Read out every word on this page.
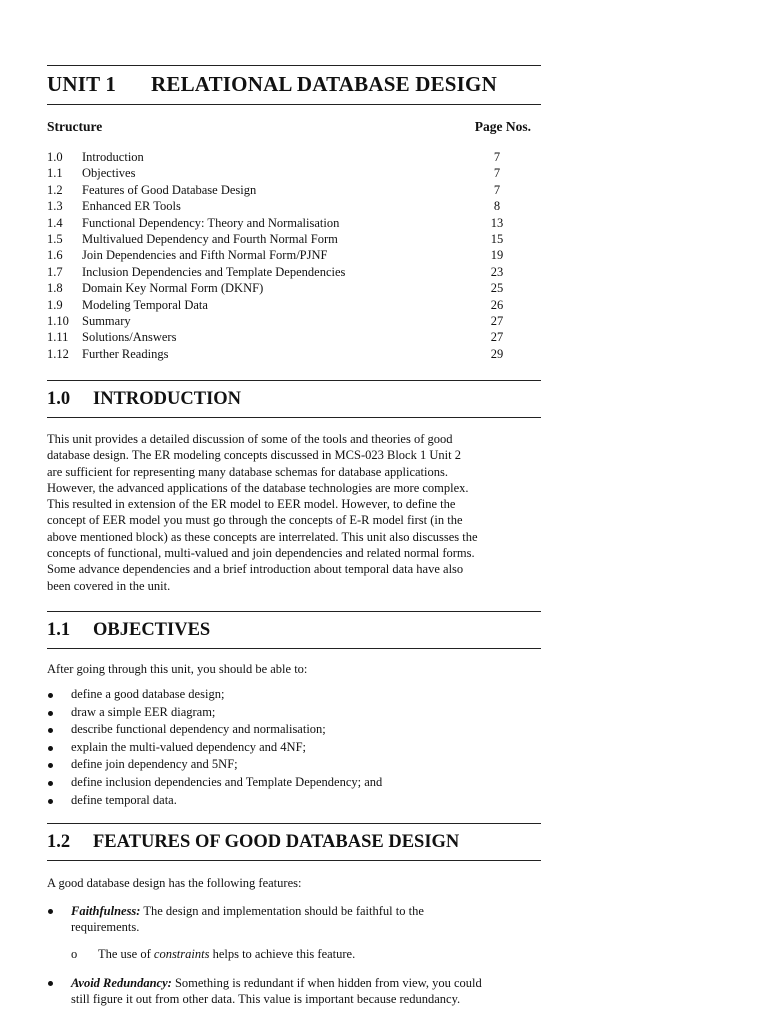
UNIT 1 RELATIONAL DATABASE DESIGN
Structure	Page Nos.
1.0 Introduction	7
1.1 Objectives	7
1.2 Features of Good Database Design	7
1.3 Enhanced ER Tools	8
1.4 Functional Dependency: Theory and Normalisation	13
1.5 Multivalued Dependency and Fourth Normal Form	15
1.6 Join Dependencies and Fifth Normal Form/PJNF	19
1.7 Inclusion Dependencies and Template Dependencies	23
1.8 Domain Key Normal Form (DKNF)	25
1.9 Modeling Temporal Data	26
1.10 Summary	27
1.11 Solutions/Answers	27
1.12 Further Readings	29
1.0 INTRODUCTION
This unit provides a detailed discussion of some of the tools and theories of good
database design. The ER modeling concepts discussed in MCS-023 Block 1 Unit 2
are sufficient for representing many database schemas for database applications.
However, the advanced applications of the database technologies are more complex.
This resulted in extension of the ER model to EER model. However, to define the
concept of EER model you must go through the concepts of E-R model first (in the
above mentioned block) as these concepts are interrelated. This unit also discusses the
concepts of functional, multi-valued and join dependencies and related normal forms.
Some advance dependencies and a brief introduction about temporal data have also
been covered in the unit.
1.1 OBJECTIVES
After going through this unit, you should be able to:
define a good database design;
draw a simple EER diagram;
describe functional dependency and normalisation;
explain the multi-valued dependency and 4NF;
define join dependency and 5NF;
define inclusion dependencies and Template Dependency; and
define temporal data.
1.2 FEATURES OF GOOD DATABASE DESIGN
A good database design has the following features:
Faithfulness: The design and implementation should be faithful to the
requirements.
o The use of constraints helps to achieve this feature.
Avoid Redundancy: Something is redundant if when hidden from view, you could
still figure it out from other data. This value is important because redundancy.
